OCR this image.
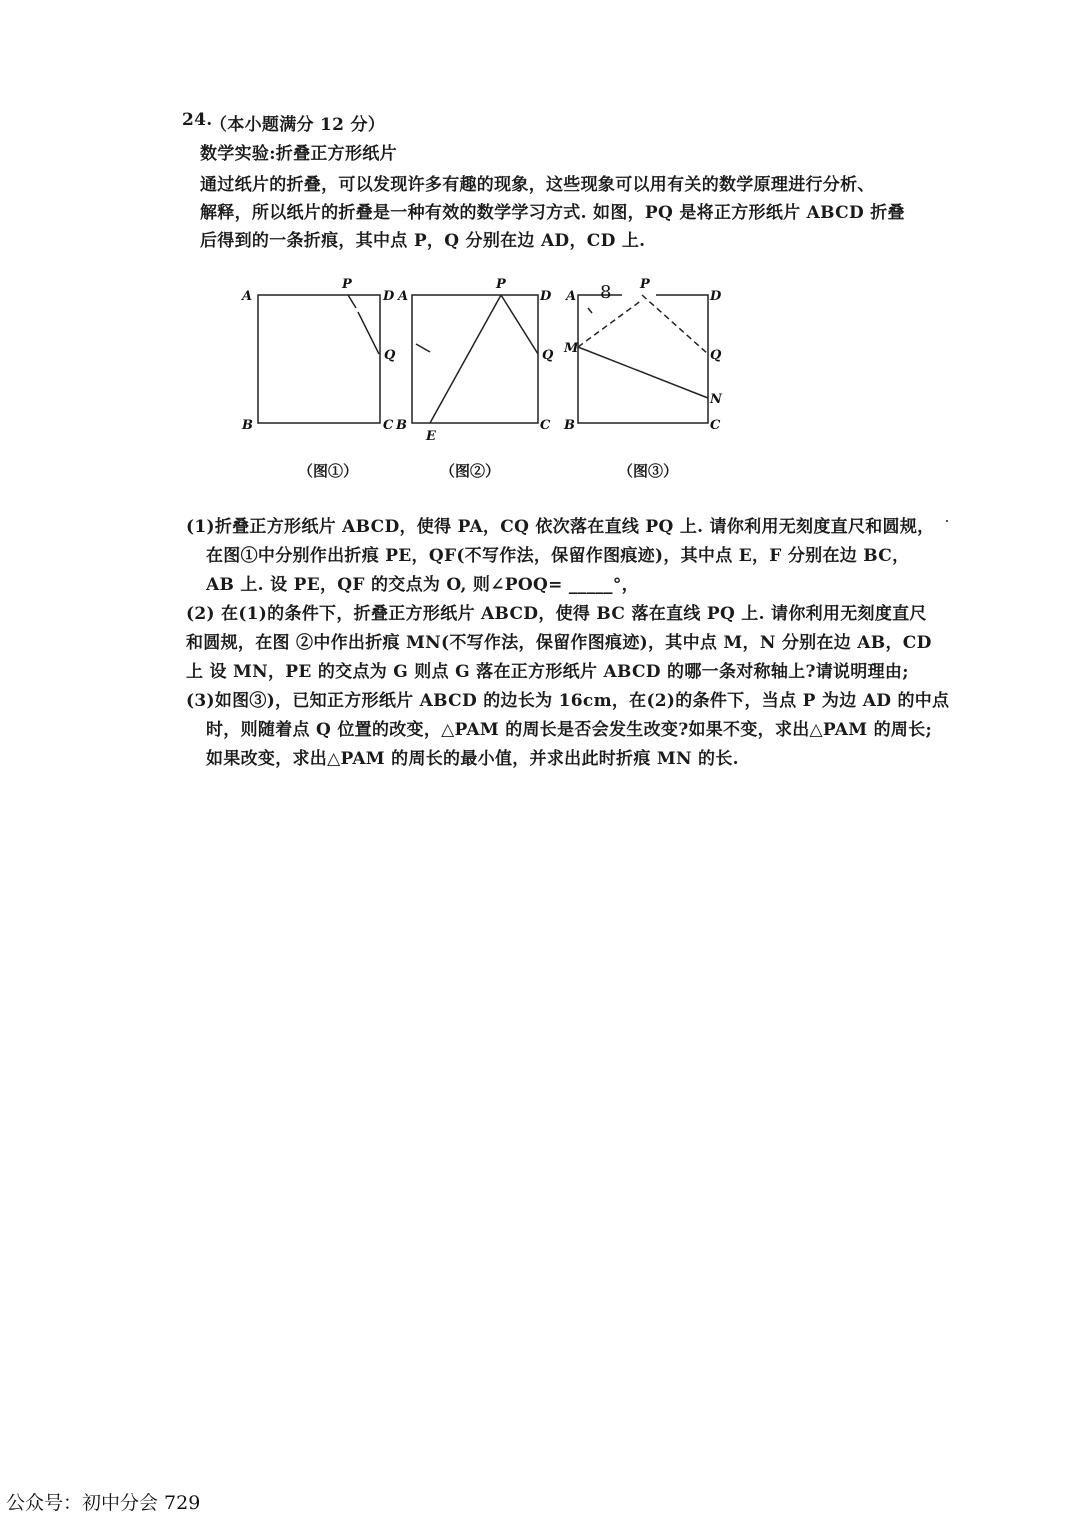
24.
（本小题满分 12 分）
数学实验:折叠正方形纸片
通过纸片的折叠，可以发现许多有趣的现象，这些现象可以用有关的数学原理进行分析、
解释，所以纸片的折叠是一种有效的数学学习方式. 如图，PQ 是将正方形纸片 ABCD 折叠
后得到的一条折痕，其中点 P，Q 分别在边 AD，CD 上.
A
P
D
Q
B	C
A
P
D
Q
B
E
C
A 8 P
D
M	Q
N
B	C
（图①）	（图②）	（图③）
(1)折叠正方形纸片 ABCD，使得 PA，CQ 依次落在直线 PQ 上. 请你利用无刻度直尺和圆规，
在图①中分别作出折痕 PE，QF(不写作法，保留作图痕迹)，其中点 E，F 分别在边 BC，
AB 上. 设 PE，QF 的交点为 O, 则∠POQ= _____°，
(2) 在(1)的条件下，折叠正方形纸片 ABCD，使得 BC 落在直线 PQ 上. 请你利用无刻度直尺
和圆规，在图 ②中作出折痕 MN(不写作法，保留作图痕迹)，其中点 M，N 分别在边 AB，CD
上 设 MN，PE 的交点为 G 则点 G 落在正方形纸片 ABCD 的哪一条对称轴上?请说明理由;
(3)如图③)，已知正方形纸片 ABCD 的边长为 16cm，在(2)的条件下，当点 P 为边 AD 的中点
时，则随着点 Q 位置的改变，△PAM 的周长是否会发生改变?如果不变，求出△PAM 的周长;
如果改变，求出△PAM 的周长的最小值，并求出此时折痕 MN 的长.
公众号：初中分会 729
